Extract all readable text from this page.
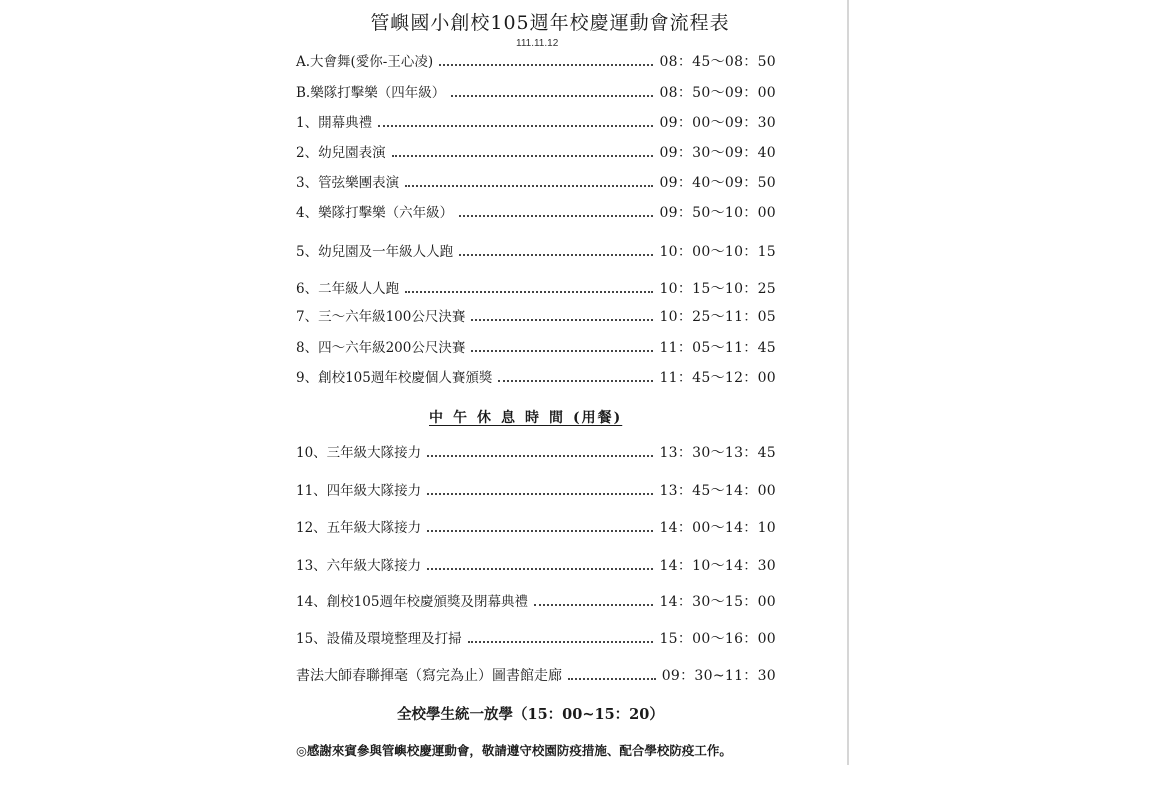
管嶼國小創校105週年校慶運動會流程表
111.11.12
A.大會舞(愛你-王心凌)	08：45～08：50
B.樂隊打擊樂（四年級）	08：50～09：00
1、開幕典禮	09：00～09：30
2、幼兒園表演	09：30～09：40
3、管弦樂團表演	09：40～09：50
4、樂隊打擊樂（六年級）	09：50～10：00
5、幼兒園及一年級人人跑	10：00～10：15
6、二年級人人跑	10：15～10：25
7、三～六年級100公尺決賽	10：25～11：05
8、四～六年級200公尺決賽	11：05～11：45
9、創校105週年校慶個人賽頒獎	11：45～12：00
中午休息時間(用餐)
10、三年級大隊接力	13：30～13：45
11、四年級大隊接力	13：45～14：00
12、五年級大隊接力	14：00～14：10
13、六年級大隊接力	14：10～14：30
14、創校105週年校慶頒獎及閉幕典禮	14：30～15：00
15、設備及環境整理及打掃	15：00～16：00
書法大師春聯揮毫（寫完為止）圖書館走廊	09：30~11：30
全校學生統一放學（15：00~15：20）
◎感謝來賓參與管嶼校慶運動會，敬請遵守校園防疫措施、配合學校防疫工作。
